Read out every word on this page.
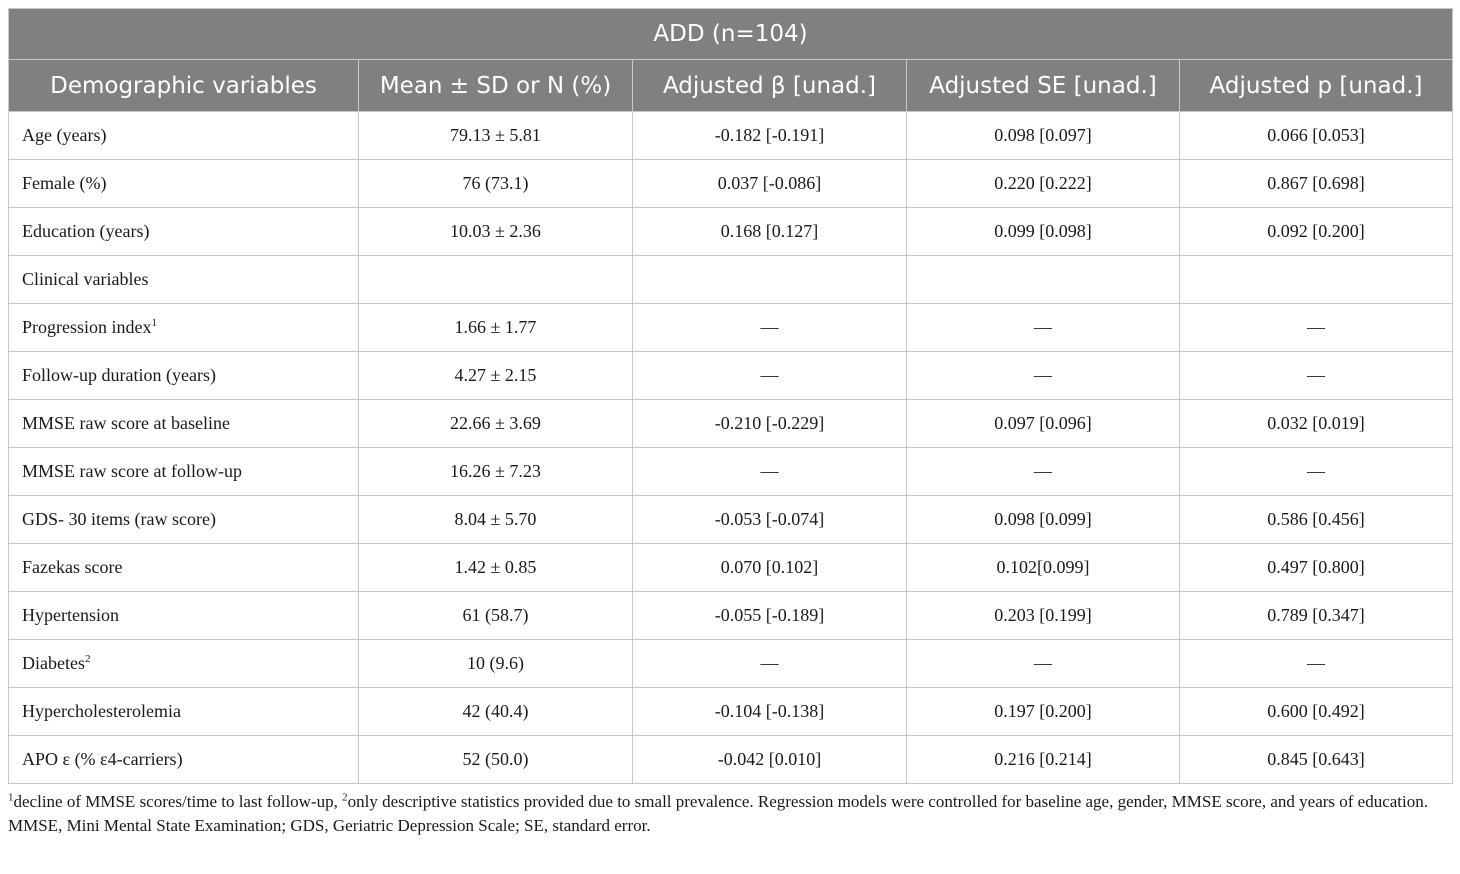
ADD (n=104)				
Demographic variables	Mean ± SD or N (%)	Adjusted β [unad.]	Adjusted SE [unad.]	Adjusted p [unad.]
Age (years)	79.13 ± 5.81	-0.182 [-0.191]	0.098 [0.097]	0.066 [0.053]
Female (%)	76 (73.1)	0.037 [-0.086]	0.220 [0.222]	0.867 [0.698]
Education (years)	10.03 ± 2.36	0.168 [0.127]	0.099 [0.098]	0.092 [0.200]
Clinical variables				
Progression index$^1$	1.66 ± 1.77	—	—	—
Follow-up duration (years)	4.27 ± 2.15	—	—	—
MMSE raw score at baseline	22.66 ± 3.69	-0.210 [-0.229]	0.097 [0.096]	0.032 [0.019]
MMSE raw score at follow-up	16.26 ± 7.23	—	—	—
GDS- 30 items (raw score)	8.04 ± 5.70	-0.053 [-0.074]	0.098 [0.099]	0.586 [0.456]
Fazekas score	1.42 ± 0.85	0.070 [0.102]	0.102[0.099]	0.497 [0.800]
Hypertension	61 (58.7)	-0.055 [-0.189]	0.203 [0.199]	0.789 [0.347]
Diabetes$^2$	10 (9.6)	—	—	—
Hypercholesterolemia	42 (40.4)	-0.104 [-0.138]	0.197 [0.200]	0.600 [0.492]
APO ε (% ε4-carriers)	52 (50.0)	-0.042 [0.010]	0.216 [0.214]	0.845 [0.643]
$^1$decline of MMSE scores/time to last follow-up, $^2$only descriptive statistics provided due to small prevalence. Regression models were controlled for baseline age, gender, MMSE score, and years of education.
MMSE, Mini Mental State Examination; GDS, Geriatric Depression Scale; SE, standard error.
